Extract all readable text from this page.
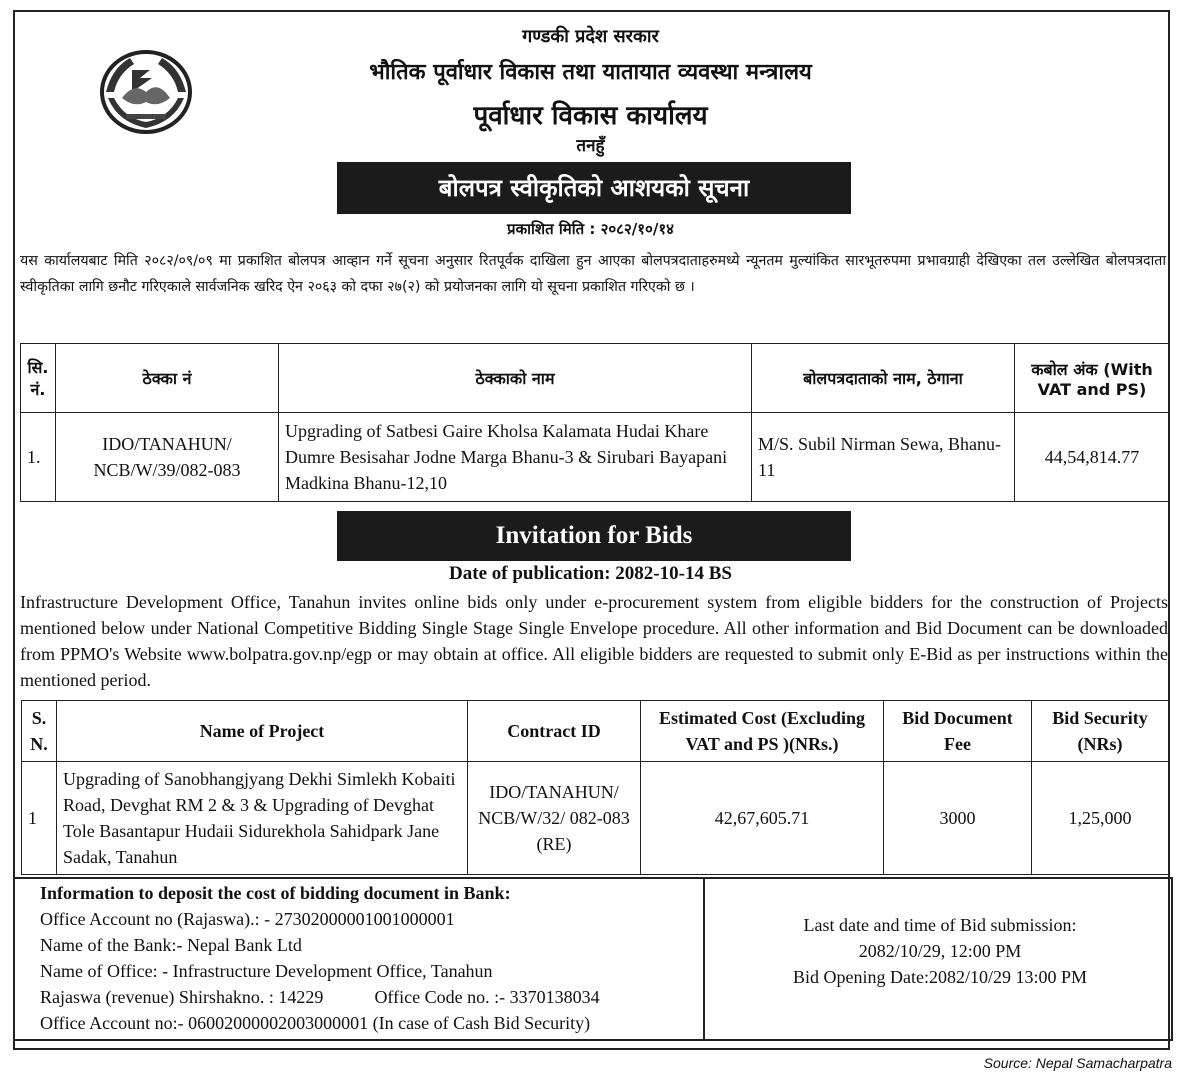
गण्डकी प्रदेश सरकार
भौतिक पूर्वाधार विकास तथा यातायात व्यवस्था मन्त्रालय
पूर्वाधार विकास कार्यालय
तनहुँ
बोलपत्र स्वीकृतिको आशयको सूचना
प्रकाशित मिति : २०८२/१०/१४
यस कार्यालयबाट मिति २०८२/०९/०९ मा प्रकाशित बोलपत्र आव्हान गर्ने सूचना अनुसार रितपूर्वक दाखिला हुन आएका बोलपत्रदाताहरुमध्ये न्यूनतम मुल्यांकित सारभूतरुपमा प्रभावग्राही देखिएका तल उल्लेखित बोलपत्रदाता स्वीकृतिका लागि छनौट गरिएकाले सार्वजनिक खरिद ऐन २०६३ को दफा २७(२) को प्रयोजनका लागि यो सूचना प्रकाशित गरिएको छ ।
सि. नं.	ठेक्का नं	ठेक्काको नाम	बोलपत्रदाताको नाम, ठेगाना	कबोल अंक (With VAT and PS)
1.	IDO/TANAHUN/ NCB/W/39/082-083	Upgrading of Satbesi Gaire Kholsa Kalamata Hudai Khare Dumre Besisahar Jodne Marga Bhanu-3 & Sirubari Bayapani Madkina Bhanu-12,10	M/S. Subil Nirman Sewa, Bhanu-11	44,54,814.77
Invitation for Bids
Date of publication: 2082-10-14 BS
Infrastructure Development Office, Tanahun invites online bids only under e-procurement system from eligible bidders for the construction of Projects mentioned below under National Competitive Bidding Single Stage Single Envelope procedure. All other information and Bid Document can be downloaded from PPMO's Website www.bolpatra.gov.np/egp or may obtain at office. All eligible bidders are requested to submit only E-Bid as per instructions within the mentioned period.
S. N.	Name of Project	Contract ID	Estimated Cost (Excluding VAT and PS )(NRs.)	Bid Document Fee	Bid Security (NRs)
1	Upgrading of Sanobhangjyang Dekhi Simlekh Kobaiti Road, Devghat RM 2 & 3 & Upgrading of Devghat Tole Basantapur Hudaii Sidurekhola Sahidpark Jane Sadak, Tanahun	IDO/TANAHUN/ NCB/W/32/ 082-083 (RE)	42,67,605.71	3000	1,25,000
Information to deposit the cost of bidding document in Bank:
Office Account no (Rajaswa).: - 27302000001001000001
Name of the Bank:- Nepal Bank Ltd
Name of Office: - Infrastructure Development Office, Tanahun
Rajaswa (revenue) Shirshakno. : 14229	Office Code no. :- 3370138034
Office Account no:- 06002000002003000001 (In case of Cash Bid Security)
Last date and time of Bid submission:
2082/10/29, 12:00 PM
Bid Opening Date:2082/10/29 13:00 PM
Source: Nepal Samacharpatra
